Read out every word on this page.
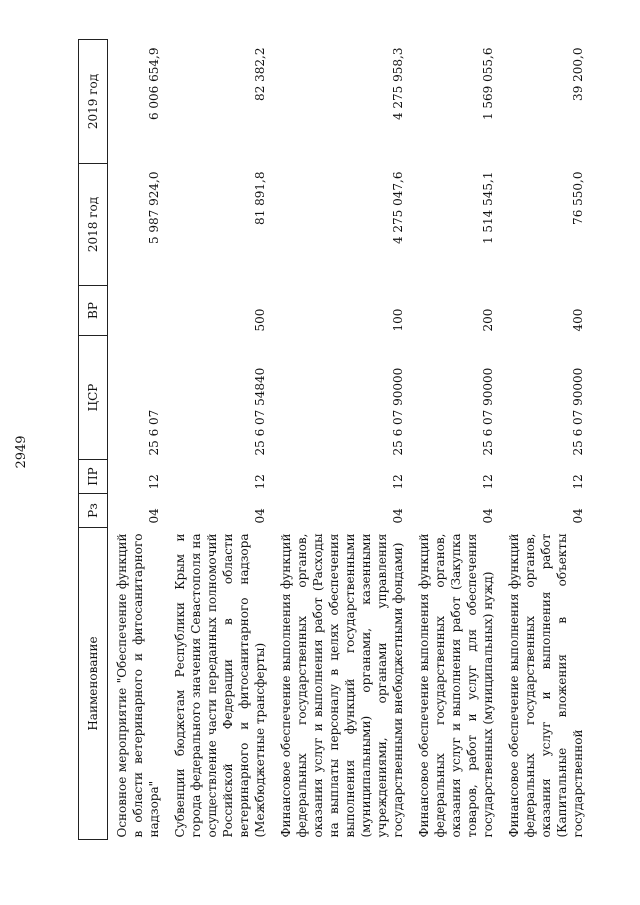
2949
Наименование	Рз	ПР	ЦСР	ВР	2018 год	2019 год
Основное мероприятие "Обеспечение функций в области ветеринарного и фитосанитарного надзора"	04	12	25 6 07		5 987 924,0	6 006 654,9
Субвенции бюджетам Республики Крым и города федерального значения Севастополя на осуществление части переданных полномочий Российской Федерации в области ветеринарного и фитосанитарного надзора (Межбюджетные трансферты)	04	12	25 6 07 54840	500	81 891,8	82 382,2
Финансовое обеспечение выполнения функций федеральных государственных органов, оказания услуг и выполнения работ (Расходы на выплаты персоналу в целях обеспечения выполнения функций государственными (муниципальными) органами, казенными учреждениями, органами управления государственными внебюджетными фондами)	04	12	25 6 07 90000	100	4 275 047,6	4 275 958,3
Финансовое обеспечение выполнения функций федеральных государственных органов, оказания услуг и выполнения работ (Закупка товаров, работ и услуг для обеспечения государственных (муниципальных) нужд)	04	12	25 6 07 90000	200	1 514 545,1	1 569 055,6
Финансовое обеспечение выполнения функций федеральных государственных органов, оказания услуг и выполнения работ (Капитальные вложения в объекты государственной	04	12	25 6 07 90000	400	76 550,0	39 200,0
